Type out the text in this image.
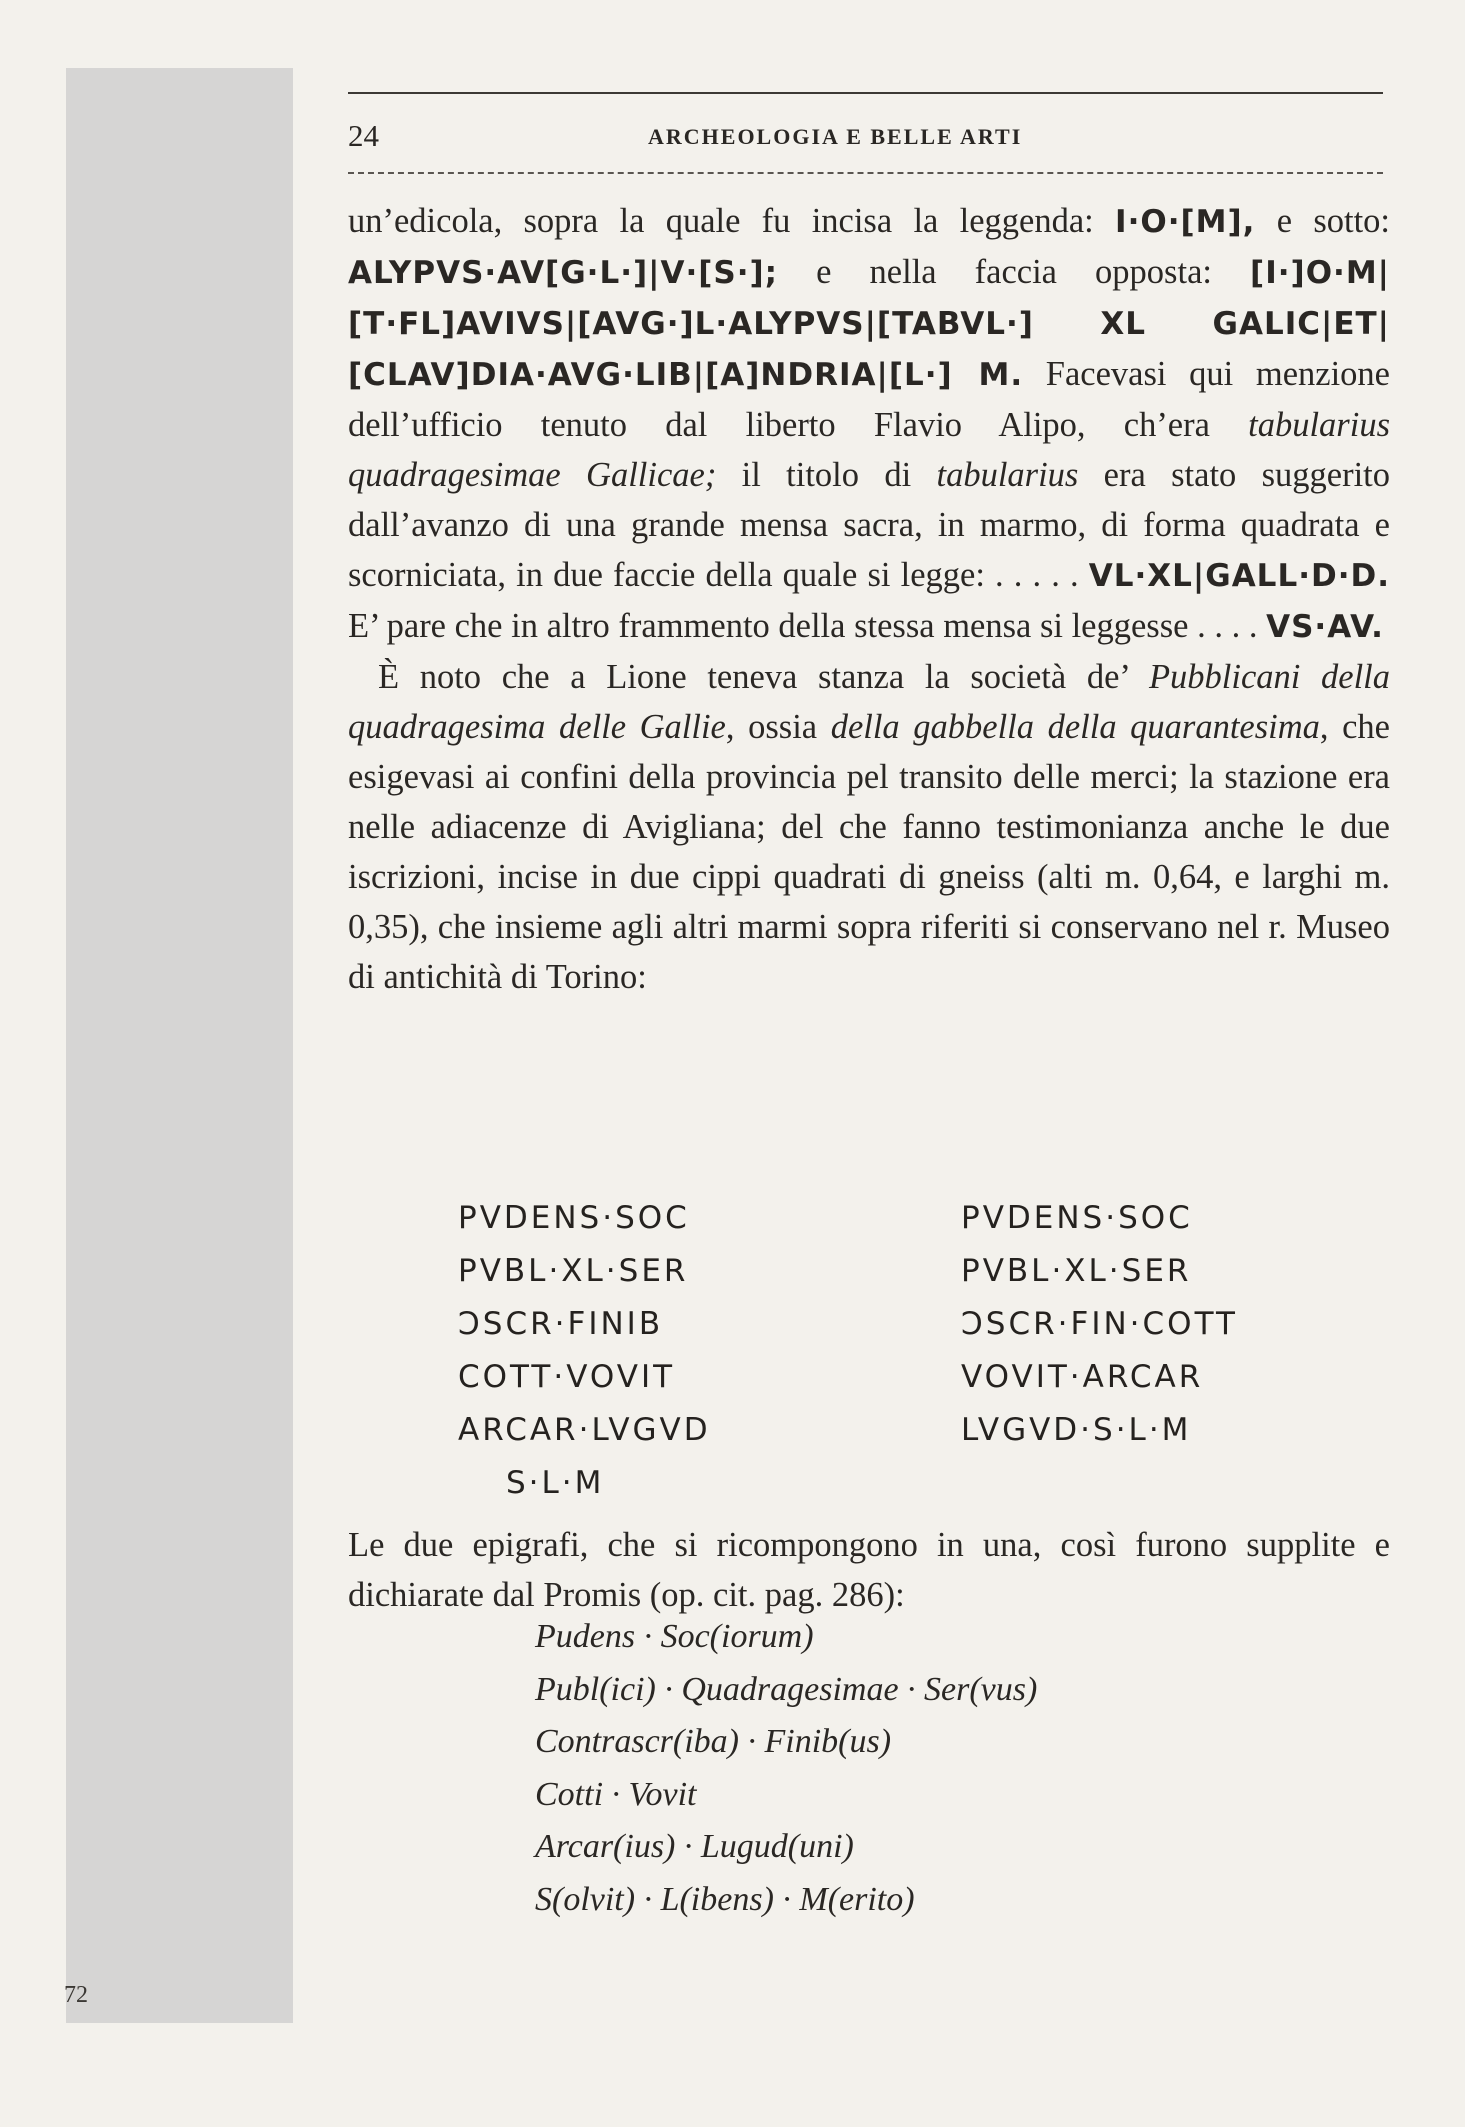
72
24	ARCHEOLOGIA E BELLE ARTI

un’edicola, sopra la quale fu incisa la leggenda: I·O·[M], e sotto: ALYPVS·AV[G·L·]|V·[S·]; e nella faccia opposta: [I·]O·M|[T·FL]AVIVS|[AVG·]L·ALYPVS|[TABVL·] XL GALIC|ET|[CLAV]DIA·AVG·LIB|[A]NDRIA|[L·] M. Facevasi qui menzione dell’ufficio tenuto dal liberto Flavio Alipo, ch’era tabularius quadragesimae Gallicae; il titolo di tabularius era stato suggerito dall’avanzo di una grande mensa sacra, in marmo, di forma quadrata e scorniciata, in due faccie della quale si legge: . . . . . VL·XL|GALL·D·D. E’ pare che in altro frammento della stessa mensa si leggesse . . . . VS·AV.

È noto che a Lione teneva stanza la società de’ Pubblicani della quadragesima delle Gallie, ossia della gabbella della quarantesima, che esigevasi ai confini della provincia pel transito delle merci; la stazione era nelle adiacenze di Avigliana; del che fanno testimonianza anche le due iscrizioni, incise in due cippi quadrati di gneiss (alti m. 0,64, e larghi m. 0,35), che insieme agli altri marmi sopra riferiti si conservano nel r. Museo di antichità di Torino:

PVDENS·SOC
PVBL·XL·SER
ↃSCR·FINIB
COTT·VOVIT
ARCAR·LVGVD
S·L·M
PVDENS·SOC
PVBL·XL·SER
ↃSCR·FIN·COTT
VOVIT·ARCAR
LVGVD·S·L·M

Le due epigrafi, che si ricompongono in una, così furono supplite e dichiarate dal Promis (op. cit. pag. 286):

Pudens · Soc(iorum)
Publ(ici) · Quadragesimae · Ser(vus)
Contrascr(iba) · Finib(us)
Cotti · Vovit
Arcar(ius) · Lugud(uni)
S(olvit) · L(ibens) · M(erito)
